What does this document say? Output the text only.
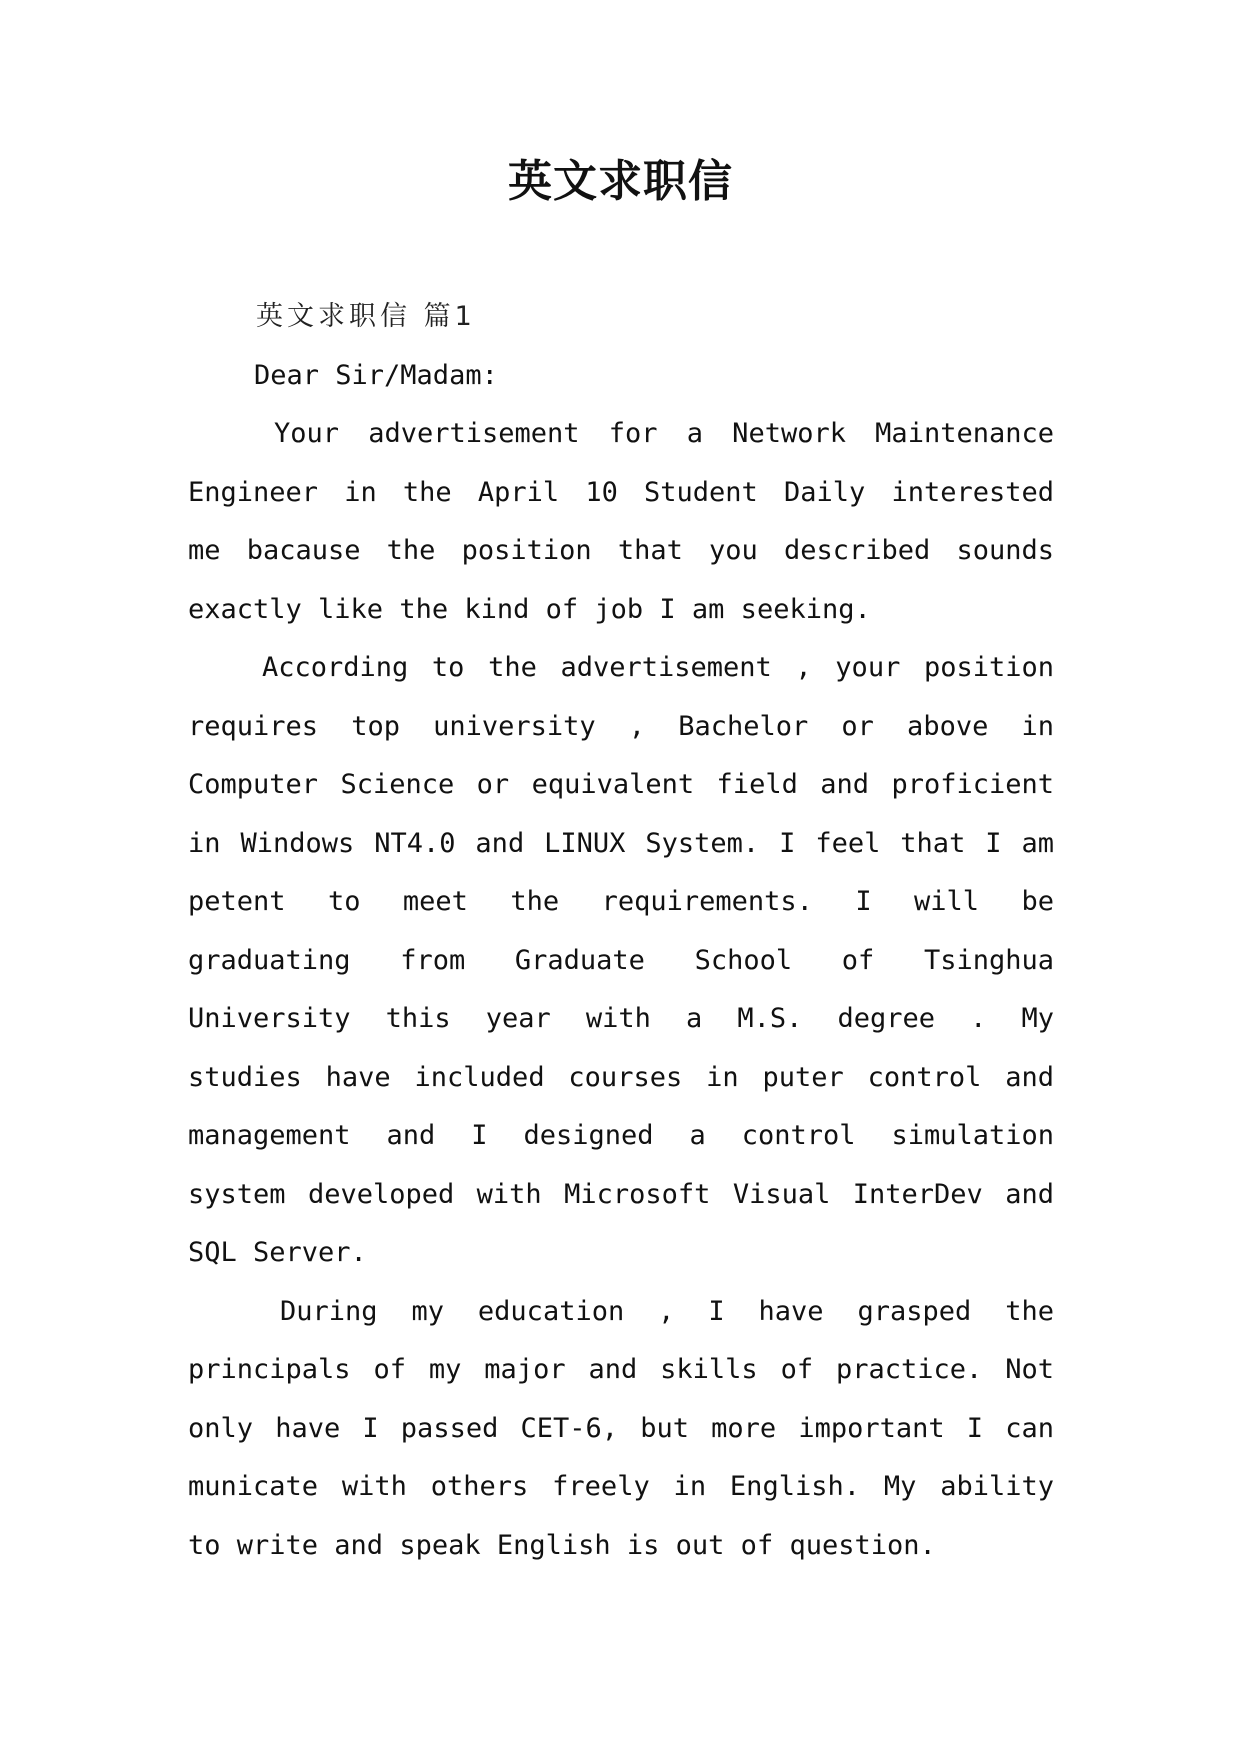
英文求职信
英文求职信 篇1
Dear Sir/Madam:
Your advertisement for a Network Maintenance
Engineer in the April 10 Student Daily interested
me bacause the position that you described sounds
exactly like the kind of job I am seeking.
According to the advertisement , your position
requires top university , Bachelor or above in
Computer Science or equivalent field and proficient
in Windows NT4.0 and LINUX System. I feel that I am
petent to meet the requirements. I will be
graduating from Graduate School of Tsinghua
University this year with a M.S. degree . My
studies have included courses in puter control and
management and I designed a control simulation
system developed with Microsoft Visual InterDev and
SQL Server.
During my education , I have grasped the
principals of my major and skills of practice. Not
only have I passed CET-6, but more important I can
municate with others freely in English. My ability
to write and speak English is out of question.
